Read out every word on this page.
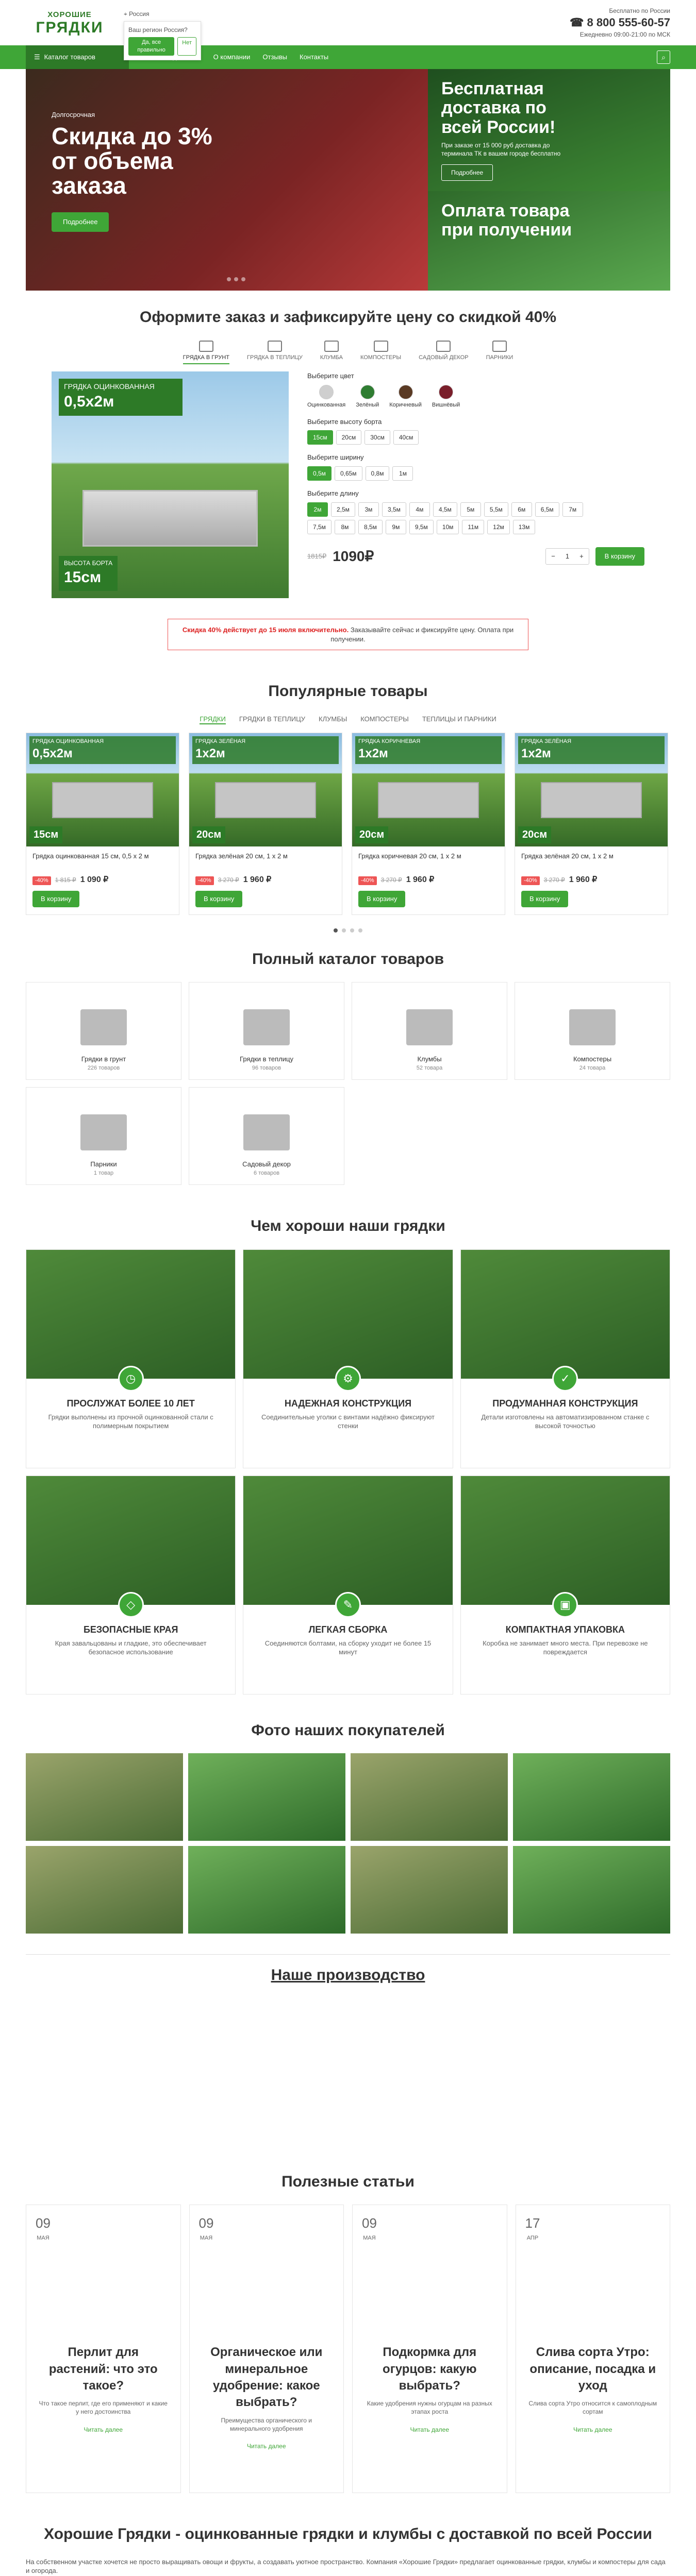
ХОРОШИЕ
ГРЯДКИ
⌖ Россия
Ваш регион Россия?
Да, все правильно
Нет
Бесплатно по России
☎ 8 800 555-60-57
Ежедневно 09:00-21:00 по МСК
☰ Каталог товаров	О компании Отзывы Контакты	⌕
Долгосрочная
Скидка до 3% от объема заказа
Подробнее
Бесплатная доставка по всей России!
При заказе от 15 000 руб доставка до терминала ТК в вашем городе бесплатно
Подробнее
Оплата товара при получении
Оформите заказ и зафиксируйте цену со скидкой 40%
ГРЯДКА В ГРУНТ	ГРЯДКА В ТЕПЛИЦУ	КЛУМБА	КОМПОСТЕРЫ	САДОВЫЙ ДЕКОР	ПАРНИКИ
ГРЯДКА ОЦИНКОВАННАЯ
0,5x2м
ВЫСОТА БОРТА
15см
Выберите цвет
Оцинкованная Зелёный Коричневый Вишнёвый
Выберите высоту борта
15см	20см	30см	40см
Выберите ширину
0,5м	0,65м	0,8м	1м
Выберите длину
2м	2,5м	3м	3,5м	4м	4,5м	5м	5,5м	6м	6,5м	7м
7,5м	8м	8,5м	9м	9,5м	10м	11м	12м	13м
1815₽ 1090₽	−	1	+	В корзину
Скидка 40% действует до 15 июля включительно. Заказывайте сейчас и фиксируйте цену. Оплата при получении.
Популярные товары
ГРЯДКИ ГРЯДКИ В ТЕПЛИЦУ КЛУМБЫ КОМПОСТЕРЫ ТЕПЛИЦЫ И ПАРНИКИ
ГРЯДКА ОЦИНКОВАННАЯ
0,5x2м
15см
Грядка оцинкованная 15 см, 0,5 х 2 м
-40%	1 815 ₽ 1 090 ₽
В корзину
ГРЯДКА ЗЕЛЁНАЯ
1x2м
20см
Грядка зелёная 20 см, 1 х 2 м
-40%	3 270 ₽ 1 960 ₽
В корзину
ГРЯДКА КОРИЧНЕВАЯ
1x2м
20см
Грядка коричневая 20 см, 1 х 2 м
-40%	3 270 ₽ 1 960 ₽
В корзину
ГРЯДКА ЗЕЛЁНАЯ
1x2м
20см
Грядка зелёная 20 см, 1 х 2 м
-40%	3 270 ₽ 1 960 ₽
В корзину
Полный каталог товаров
Грядки в грунт
226 товаров
Грядки в теплицу
96 товаров
Клумбы
52 товара
Компостеры
24 товара
Парники
1 товар
Садовый декор
6 товаров
Чем хороши наши грядки
◷
ПРОСЛУЖАТ БОЛЕЕ 10 ЛЕТ
Грядки выполнены из прочной оцинкованной стали с полимерным покрытием
⚙
НАДЕЖНАЯ КОНСТРУКЦИЯ
Соединительные уголки с винтами надёжно фиксируют стенки
✓
ПРОДУМАННАЯ КОНСТРУКЦИЯ
Детали изготовлены на автоматизированном станке с высокой точностью
◇
БЕЗОПАСНЫЕ КРАЯ
Края завальцованы и гладкие, это обеспечивает безопасное использование
✎
ЛЕГКАЯ СБОРКА
Соединяются болтами, на сборку уходит не более 15 минут
▣
КОМПАКТНАЯ УПАКОВКА
Коробка не занимает много места. При перевозке не повреждается
Фото наших покупателей
Наше производство
Полезные статьи
09
МАЯ
Перлит для растений: что это такое?
Что такое перлит, где его применяют и какие у него достоинства
Читать далее
09
МАЯ
Органическое или минеральное удобрение: какое выбрать?
Преимущества органического и минерального удобрения
Читать далее
09
МАЯ
Подкормка для огурцов: какую выбрать?
Какие удобрения нужны огурцам на разных этапах роста
Читать далее
17
АПР
Слива сорта Утро: описание, посадка и уход
Слива сорта Утро относится к самоплодным сортам
Читать далее
Хорошие Грядки - оцинкованные грядки и клумбы с доставкой по всей России

На собственном участке хочется не просто выращивать овощи и фрукты, а создавать уютное пространство. Компания «Хорошие Грядки» предлагает оцинкованные грядки, клумбы и компостеры для сада и огорода.
